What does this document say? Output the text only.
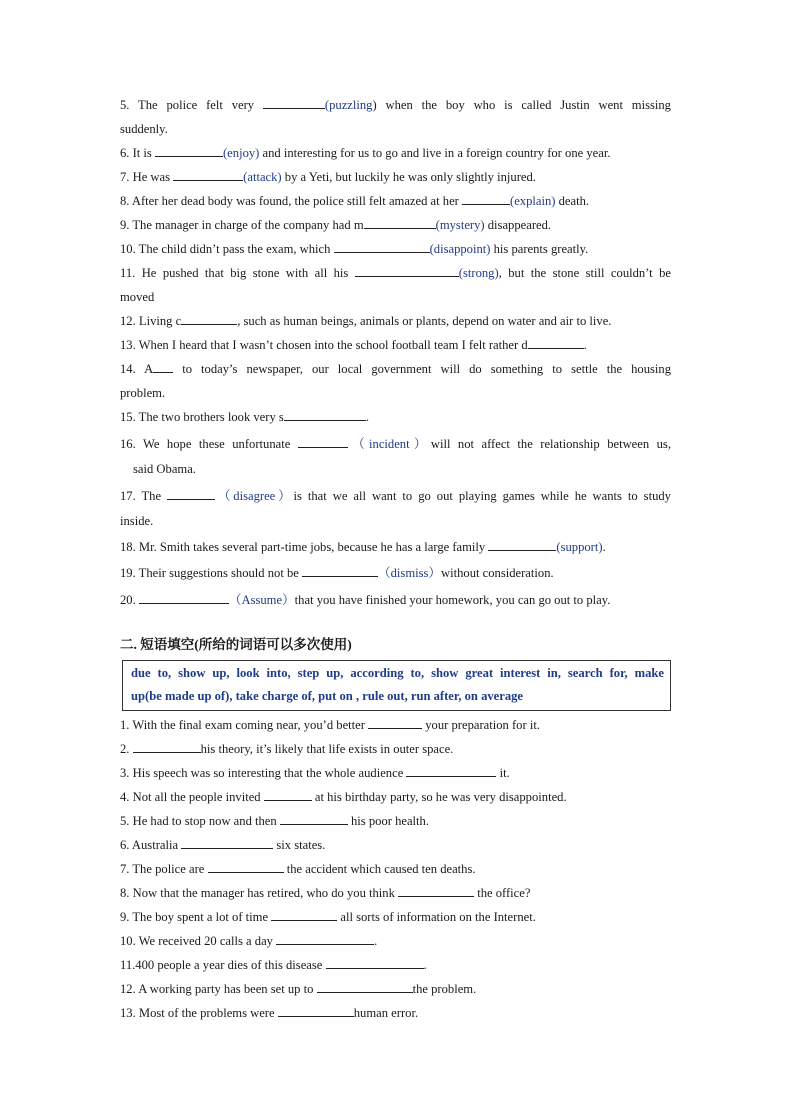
5. The police felt very	(puzzling) when the boy who is called Justin went missing
suddenly.
6. It is	(enjoy) and interesting for us to go and live in a foreign country for one year.
7. He was	(attack) by a Yeti, but luckily he was only slightly injured.
8. After her dead body was found, the police still felt amazed at her	(explain) death.
9. The manager in charge of the company had m	(mystery) disappeared.
10. The child didn’t pass the exam, which	(disappoint) his parents greatly.
11. He pushed that big stone with all his	(strong), but the stone still couldn’t be
moved
12. Living c	, such as human beings, animals or plants, depend on water and air to live.
13. When I heard that I wasn’t chosen into the school football team I felt rather d	.
14. A to today’s newspaper, our local government will do something to settle the housing
problem.
15. The two brothers look very s	.
16. We hope these unfortunate	（incident）will not affect the relationship between us,
said Obama.
17. The	（disagree）is that we all want to go out playing games while he wants to study
inside.
18. Mr. Smith takes several part-time jobs, because he has a large family	(support).
19. Their suggestions should not be	（dismiss）without consideration.
20.	（Assume）that you have finished your homework, you can go out to play.
二. 短语填空(所给的词语可以多次使用)
due to, show up, look into, step up, according to, show great interest in, search for, make
up(be made up of), take charge of, put on , rule out, run after, on average
1. With the final exam coming near, you’d better	your preparation for it.
2.	his theory, it’s likely that life exists in outer space.
3. His speech was so interesting that the whole audience	it.
4. Not all the people invited	at his birthday party, so he was very disappointed.
5. He had to stop now and then	his poor health.
6. Australia	six states.
7. The police are	the accident which caused ten deaths.
8. Now that the manager has retired, who do you think	the office?
9. The boy spent a lot of time	all sorts of information on the Internet.
10. We received 20 calls a day	.
11.400 people a year dies of this disease	.
12. A working party has been set up to	the problem.
13. Most of the problems were	human error.
